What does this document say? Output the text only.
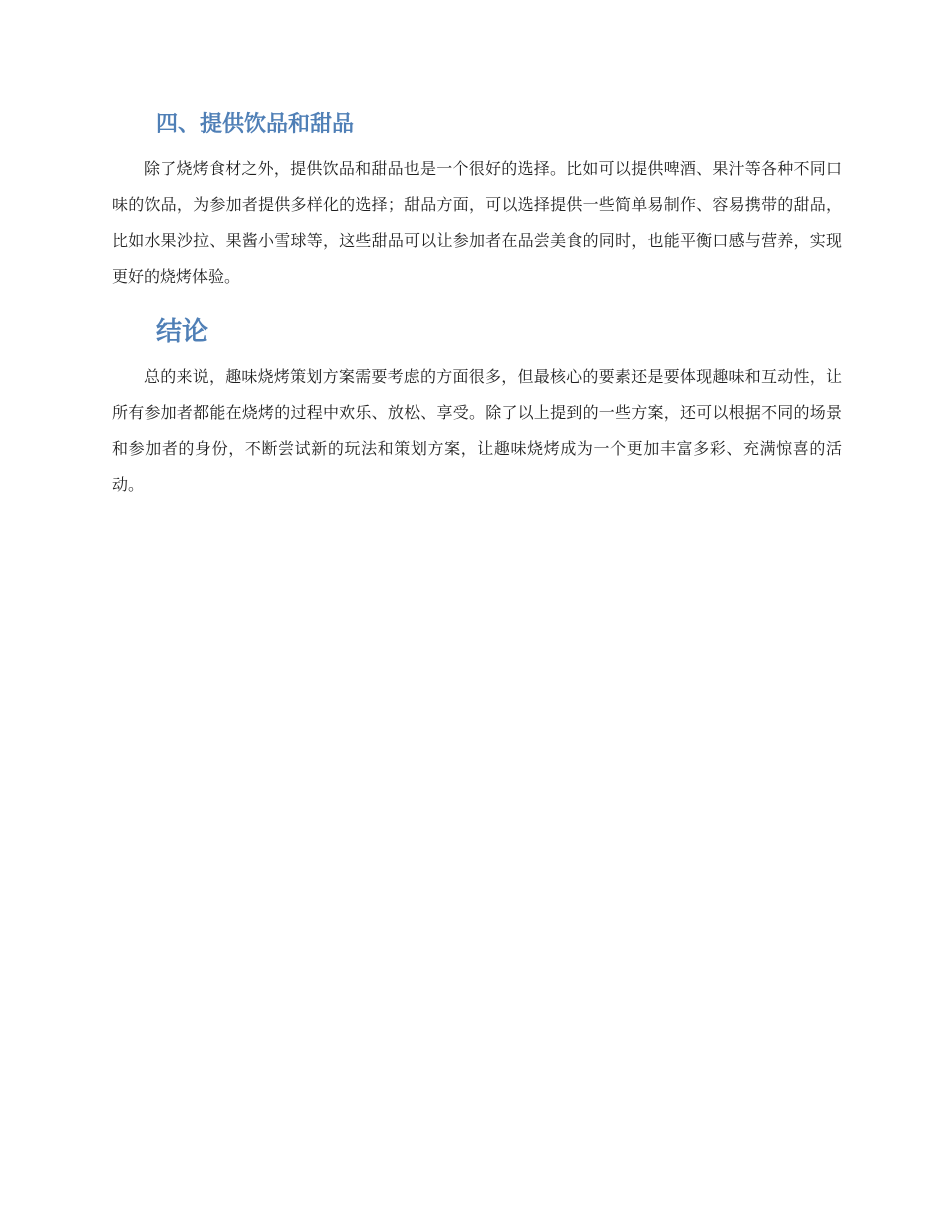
四、提供饮品和甜品

除了烧烤食材之外，提供饮品和甜品也是一个很好的选择。比如可以提供啤酒、果汁等各种不同口味的饮品，为参加者提供多样化的选择；甜品方面，可以选择提供一些简单易制作、容易携带的甜品，比如水果沙拉、果酱小雪球等，这些甜品可以让参加者在品尝美食的同时，也能平衡口感与营养，实现更好的烧烤体验。

结论

总的来说，趣味烧烤策划方案需要考虑的方面很多，但最核心的要素还是要体现趣味和互动性，让所有参加者都能在烧烤的过程中欢乐、放松、享受。除了以上提到的一些方案，还可以根据不同的场景和参加者的身份，不断尝试新的玩法和策划方案，让趣味烧烤成为一个更加丰富多彩、充满惊喜的活动。
